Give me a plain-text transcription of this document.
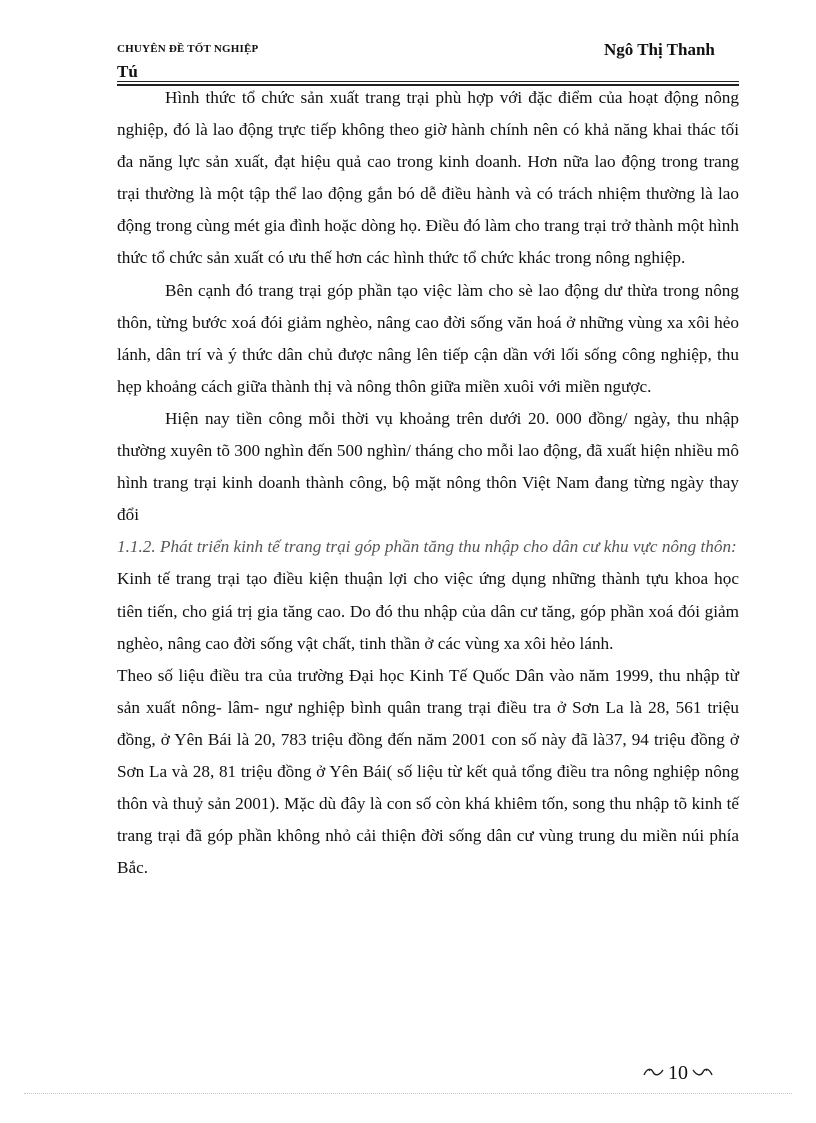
CHUYÊN ĐỀ TỐT NGHIỆP	Ngô Thị Thanh
Tú

Hình thức tổ chức sản xuất trang trại phù hợp với đặc điểm của hoạt động nông nghiệp, đó là lao động trực tiếp không theo giờ hành chính nên có khả năng khai thác tối đa năng lực sản xuất, đạt hiệu quả cao trong kinh doanh. Hơn nữa lao động trong trang trại thường là một tập thể lao động gắn bó dễ điều hành và có trách nhiệm thường là lao động trong cùng mét gia đình hoặc dòng họ. Điều đó làm cho trang trại trở thành một hình thức tổ chức sản xuất có ưu thế hơn các hình thức tổ chức khác trong nông nghiệp.

Bên cạnh đó trang trại góp phần tạo việc làm cho sè lao động dư thừa trong nông thôn, từng bước xoá đói giảm nghèo, nâng cao đời sống văn hoá ở những vùng xa xôi hẻo lánh, dân trí và ý thức dân chủ được nâng lên tiếp cận dần với lối sống công nghiệp, thu hẹp khoảng cách giữa thành thị và nông thôn giữa miền xuôi với miền ngược.

Hiện nay tiền công mỗi thời vụ khoảng trên dưới 20. 000 đồng/ ngày, thu nhập thường xuyên tõ 300 nghìn đến 500 nghìn/ tháng cho mỗi lao động, đã xuất hiện nhiều mô hình trang trại kinh doanh thành công, bộ mặt nông thôn Việt Nam đang từng ngày thay đổi

1.1.2. Phát triển kinh tế trang trại góp phần tăng thu nhập cho dân cư khu vực nông thôn:

Kinh tế trang trại tạo điều kiện thuận lợi cho việc ứng dụng những thành tựu khoa học tiên tiến, cho giá trị gia tăng cao. Do đó thu nhập của dân cư tăng, góp phần xoá đói giảm nghèo, nâng cao đời sống vật chất, tinh thần ở các vùng xa xôi hẻo lánh.

Theo số liệu điều tra của trường Đại học Kinh Tế Quốc Dân vào năm 1999, thu nhập từ sản xuất nông- lâm- ngư nghiệp bình quân trang trại điều tra ở Sơn La là 28, 561 triệu đồng, ở Yên Bái là 20, 783 triệu đồng đến năm 2001 con số này đã là37, 94 triệu đồng ở Sơn La và 28, 81 triệu đồng ở Yên Bái( số liệu từ kết quả tổng điều tra nông nghiệp nông thôn và thuỷ sản 2001). Mặc dù đây là con số còn khá khiêm tốn, song thu nhập tõ kinh tế trang trại đã góp phần không nhỏ cải thiện đời sống dân cư vùng trung du miền núi phía Bắc.

10
